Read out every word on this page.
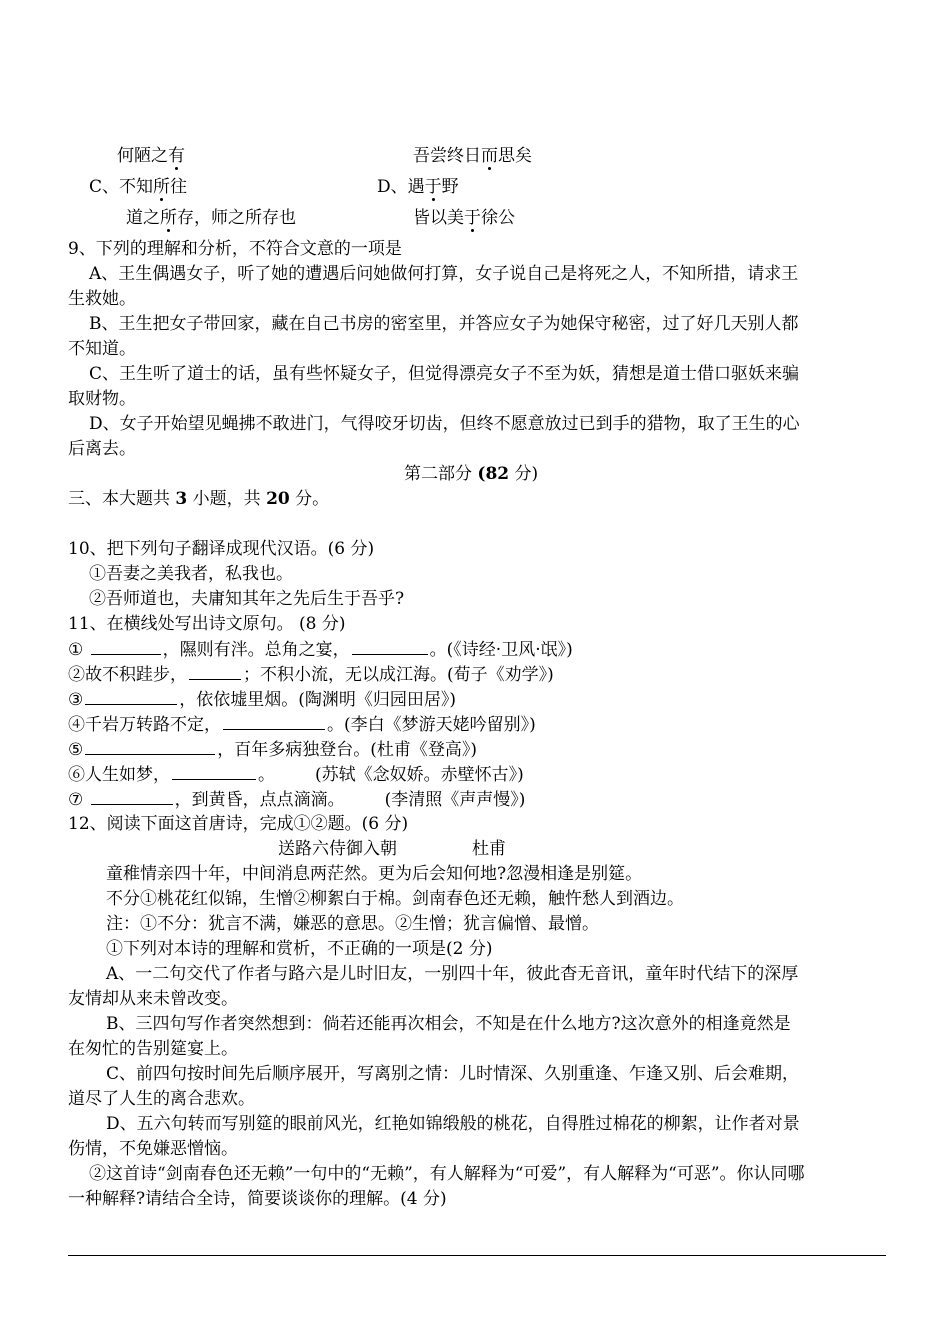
何陋之有	吾尝终日而思矣
C、不知所往	D、遇于野
道之所存，师之所存也	皆以美于徐公
9、下列的理解和分析，不符合文意的一项是
A、王生偶遇女子，听了她的遭遇后问她做何打算，女子说自己是将死之人，不知所措，请求王
生救她。
B、王生把女子带回家，藏在自己书房的密室里，并答应女子为她保守秘密，过了好几天别人都
不知道。
C、王生听了道士的话，虽有些怀疑女子，但觉得漂亮女子不至为妖，猜想是道士借口驱妖来骗
取财物。
D、女子开始望见蝇拂不敢进门，气得咬牙切齿，但终不愿意放过已到手的猎物，取了王生的心
后离去。
第二部分 (82 分)
三、本大题共 3 小题，共 20 分。
10、把下列句子翻译成现代汉语。(6 分)
①吾妻之美我者，私我也。
②吾师道也，夫庸知其年之先后生于吾乎?
11、在横线处写出诗文原句。 (8 分)
①	，隰则有泮。总角之宴，	。(《诗经·卫风·氓》)
②故不积跬步，	；不积小流，无以成江海。(荀子《劝学》)
③	，依依墟里烟。(陶渊明《归园田居》)
④千岩万转路不定，	。(李白《梦游天姥吟留别》)
⑤	，百年多病独登台。(杜甫《登高》)
⑥人生如梦，	。 (苏轼《念奴娇。赤壁怀古》)
⑦	，到黄昏，点点滴滴。 (李清照《声声慢》)
12、阅读下面这首唐诗，完成①②题。(6 分)
送路六侍御入朝	杜甫
童稚情亲四十年，中间消息两茫然。更为后会知何地?忽漫相逢是别筵。
不分①桃花红似锦，生憎②柳絮白于棉。剑南春色还无赖，触忤愁人到酒边。
注：①不分：犹言不满，嫌恶的意思。②生憎；犹言偏憎、最憎。
①下列对本诗的理解和赏析，不正确的一项是(2 分)
A、一二句交代了作者与路六是儿时旧友，一别四十年，彼此杳无音讯，童年时代结下的深厚
友情却从来未曾改变。
B、三四句写作者突然想到：倘若还能再次相会，不知是在什么地方?这次意外的相逢竟然是
在匆忙的告别筵宴上。
C、前四句按时间先后顺序展开，写离别之情：儿时情深、久别重逢、乍逢又别、后会难期，
道尽了人生的离合悲欢。
D、五六句转而写别筵的眼前风光，红艳如锦缎般的桃花，自得胜过棉花的柳絮，让作者对景
伤情，不免嫌恶憎恼。
②这首诗“剑南春色还无赖”一句中的“无赖”，有人解释为“可爱”，有人解释为“可恶”。你认同哪
一种解释?请结合全诗，简要谈谈你的理解。(4 分)
